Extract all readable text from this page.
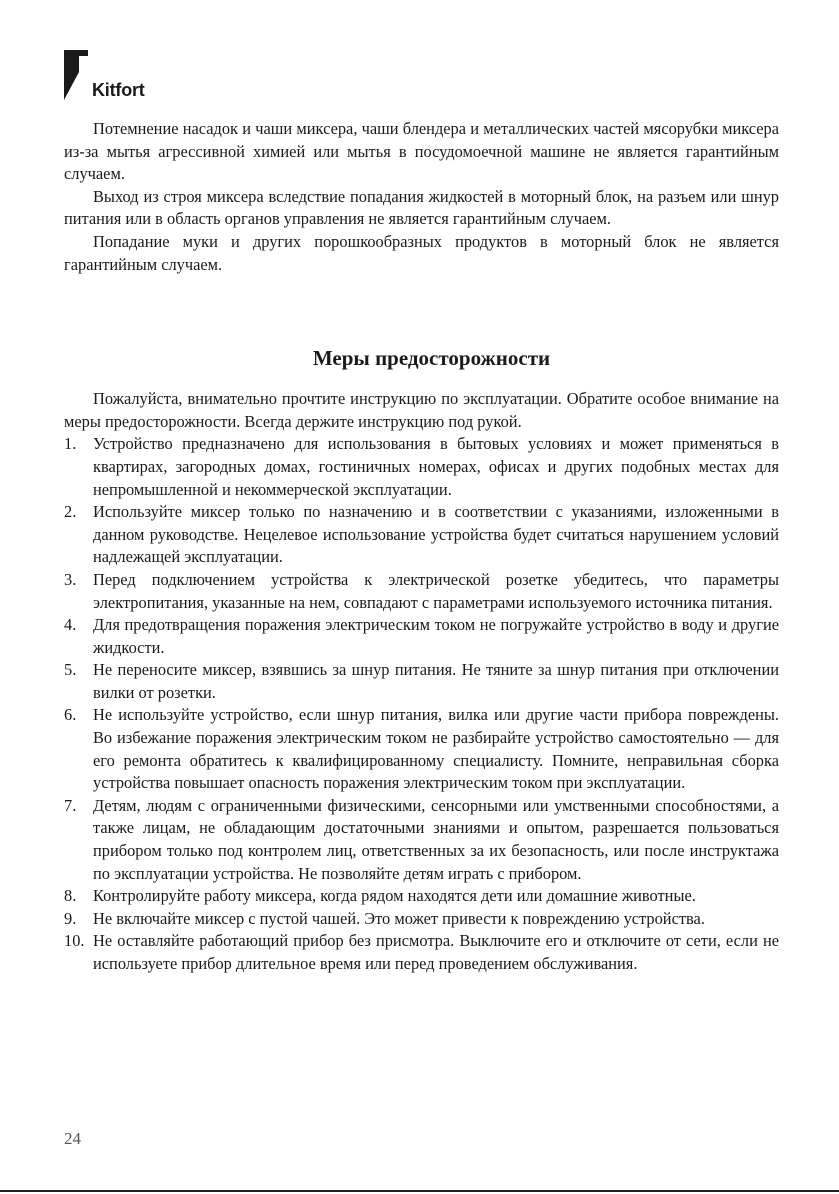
Kitfort

Потемнение насадок и чаши миксера, чаши блендера и металлических частей мясорубки миксера из-за мытья агрессивной химией или мытья в посудомоечной машине не является гарантийным случаем.

Выход из строя миксера вследствие попадания жидкостей в моторный блок, на разъем или шнур питания или в область органов управления не является гарантийным случаем.

Попадание муки и других порошкообразных продуктов в моторный блок не является гарантийным случаем.

Меры предосторожности

Пожалуйста, внимательно прочтите инструкцию по эксплуатации. Обратите особое внимание на меры предосторожности. Всегда держите инструкцию под рукой.

1. Устройство предназначено для использования в бытовых условиях и может применяться в квартирах, загородных домах, гостиничных номерах, офисах и других подобных местах для непромышленной и некоммерческой эксплуатации.
2. Используйте миксер только по назначению и в соответствии с указаниями, изложенными в данном руководстве. Нецелевое использование устройства будет считаться нарушением условий надлежащей эксплуатации.
3. Перед подключением устройства к электрической розетке убедитесь, что параметры электропитания, указанные на нем, совпадают с параметрами используемого источника питания.
4. Для предотвращения поражения электрическим током не погружайте устройство в воду и другие жидкости.
5. Не переносите миксер, взявшись за шнур питания. Не тяните за шнур питания при отключении вилки от розетки.
6. Не используйте устройство, если шнур питания, вилка или другие части прибора повреждены. Во избежание поражения электрическим током не разбирайте устройство самостоятельно — для его ремонта обратитесь к квалифицированному специалисту. Помните, неправильная сборка устройства повышает опасность поражения электрическим током при эксплуатации.
7. Детям, людям с ограниченными физическими, сенсорными или умственными способностями, а также лицам, не обладающим достаточными знаниями и опытом, разрешается пользоваться прибором только под контролем лиц, ответственных за их безопасность, или после инструктажа по эксплуатации устройства. Не позволяйте детям играть с прибором.
8. Контролируйте работу миксера, когда рядом находятся дети или домашние животные.
9. Не включайте миксер с пустой чашей. Это может привести к повреждению устройства.
10. Не оставляйте работающий прибор без присмотра. Выключите его и отключите от сети, если не используете прибор длительное время или перед проведением обслуживания.
24
